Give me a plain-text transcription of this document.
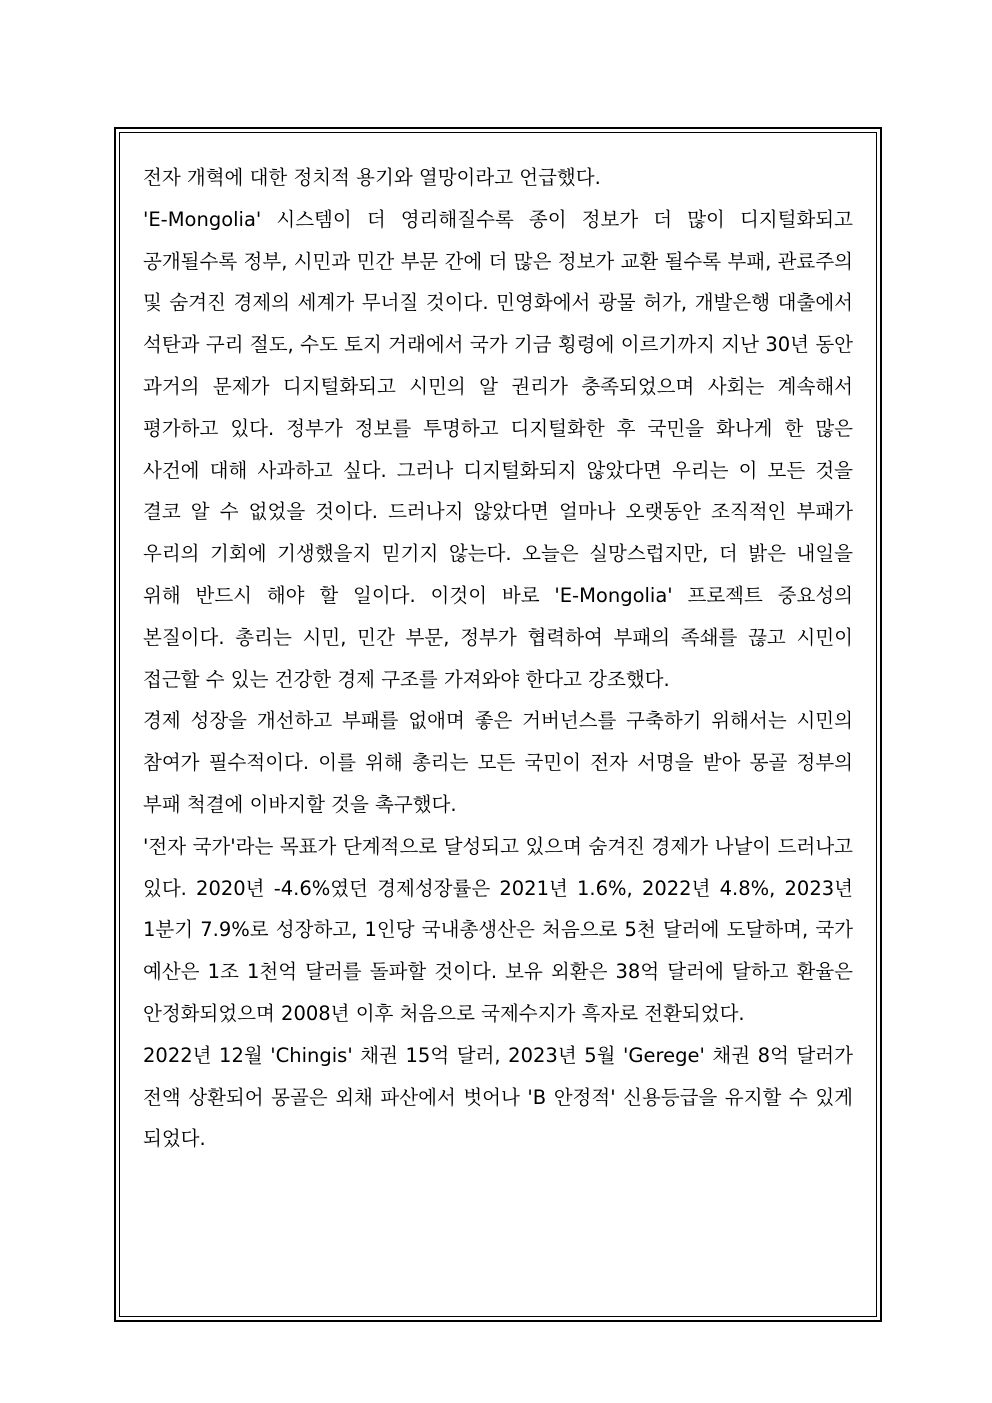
전자 개혁에 대한 정치적 용기와 열망이라고 언급했다.

'E-Mongolia' 시스템이 더 영리해질수록 종이 정보가 더 많이 디지털화되고 공개될수록 정부, 시민과 민간 부문 간에 더 많은 정보가 교환 될수록 부패, 관료주의 및 숨겨진 경제의 세계가 무너질 것이다. 민영화에서 광물 허가, 개발은행 대출에서 석탄과 구리 절도, 수도 토지 거래에서 국가 기금 횡령에 이르기까지 지난 30년 동안 과거의 문제가 디지털화되고 시민의 알 권리가 충족되었으며 사회는 계속해서 평가하고 있다. 정부가 정보를 투명하고 디지털화한 후 국민을 화나게 한 많은 사건에 대해 사과하고 싶다. 그러나 디지털화되지 않았다면 우리는 이 모든 것을 결코 알 수 없었을 것이다. 드러나지 않았다면 얼마나 오랫동안 조직적인 부패가 우리의 기회에 기생했을지 믿기지 않는다. 오늘은 실망스럽지만, 더 밝은 내일을 위해 반드시 해야 할 일이다. 이것이 바로 'E-Mongolia' 프로젝트 중요성의 본질이다. 총리는 시민, 민간 부문, 정부가 협력하여 부패의 족쇄를 끊고 시민이 접근할 수 있는 건강한 경제 구조를 가져와야 한다고 강조했다.

경제 성장을 개선하고 부패를 없애며 좋은 거버넌스를 구축하기 위해서는 시민의 참여가 필수적이다. 이를 위해 총리는 모든 국민이 전자 서명을 받아 몽골 정부의 부패 척결에 이바지할 것을 촉구했다.

'전자 국가'라는 목표가 단계적으로 달성되고 있으며 숨겨진 경제가 나날이 드러나고 있다. 2020년 -4.6%였던 경제성장률은 2021년 1.6%, 2022년 4.8%, 2023년 1분기 7.9%로 성장하고, 1인당 국내총생산은 처음으로 5천 달러에 도달하며, 국가 예산은 1조 1천억 달러를 돌파할 것이다. 보유 외환은 38억 달러에 달하고 환율은 안정화되었으며 2008년 이후 처음으로 국제수지가 흑자로 전환되었다.

2022년 12월 'Chingis' 채권 15억 달러, 2023년 5월 'Gerege' 채권 8억 달러가 전액 상환되어 몽골은 외채 파산에서 벗어나 'B 안정적' 신용등급을 유지할 수 있게 되었다.
